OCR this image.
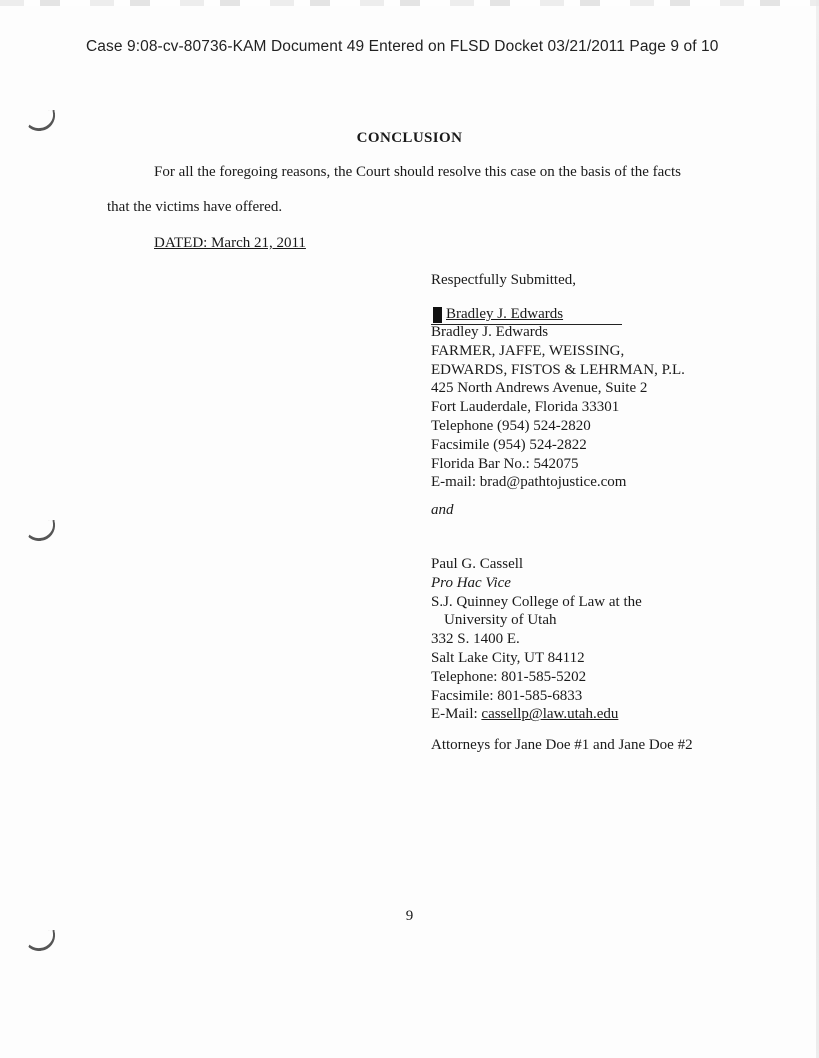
Case 9:08-cv-80736-KAM Document 49 Entered on FLSD Docket 03/21/2011 Page 9 of 10
CONCLUSION
For all the foregoing reasons, the Court should resolve this case on the basis of the facts
that the victims have offered.
DATED: March 21, 2011
Respectfully Submitted,
Bradley J. Edwards
Bradley J. Edwards
FARMER, JAFFE, WEISSING,
EDWARDS, FISTOS & LEHRMAN, P.L.
425 North Andrews Avenue, Suite 2
Fort Lauderdale, Florida 33301
Telephone (954) 524-2820
Facsimile (954) 524-2822
Florida Bar No.: 542075
E-mail: brad@pathtojustice.com
and
Paul G. Cassell
Pro Hac Vice
S.J. Quinney College of Law at the
University of Utah
332 S. 1400 E.
Salt Lake City, UT 84112
Telephone: 801-585-5202
Facsimile: 801-585-6833
E-Mail: cassellp@law.utah.edu
Attorneys for Jane Doe #1 and Jane Doe #2
9
